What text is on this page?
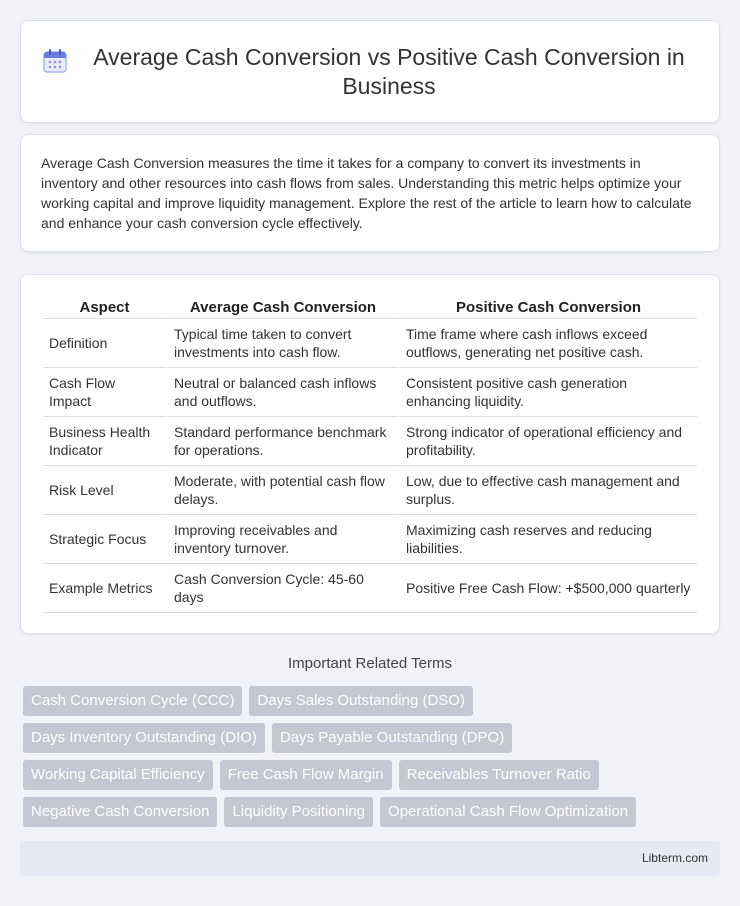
Average Cash Conversion vs Positive Cash Conversion in Business

Average Cash Conversion measures the time it takes for a company to convert its investments in inventory and other resources into cash flows from sales. Understanding this metric helps optimize your working capital and improve liquidity management. Explore the rest of the article to learn how to calculate and enhance your cash conversion cycle effectively.

Aspect	Average Cash Conversion	Positive Cash Conversion
Definition	Typical time taken to convert investments into cash flow.	Time frame where cash inflows exceed outflows, generating net positive cash.
Cash Flow Impact	Neutral or balanced cash inflows and outflows.	Consistent positive cash generation enhancing liquidity.
Business Health Indicator	Standard performance benchmark for operations.	Strong indicator of operational efficiency and profitability.
Risk Level	Moderate, with potential cash flow delays.	Low, due to effective cash management and surplus.
Strategic Focus	Improving receivables and inventory turnover.	Maximizing cash reserves and reducing liabilities.
Example Metrics	Cash Conversion Cycle: 45-60 days	Positive Free Cash Flow: +$500,000 quarterly
Important Related Terms
Cash Conversion Cycle (CCC)	Days Sales Outstanding (DSO)
Days Inventory Outstanding (DIO)	Days Payable Outstanding (DPO)
Working Capital Efficiency	Free Cash Flow Margin	Receivables Turnover Ratio
Negative Cash Conversion	Liquidity Positioning	Operational Cash Flow Optimization
Libterm.com
